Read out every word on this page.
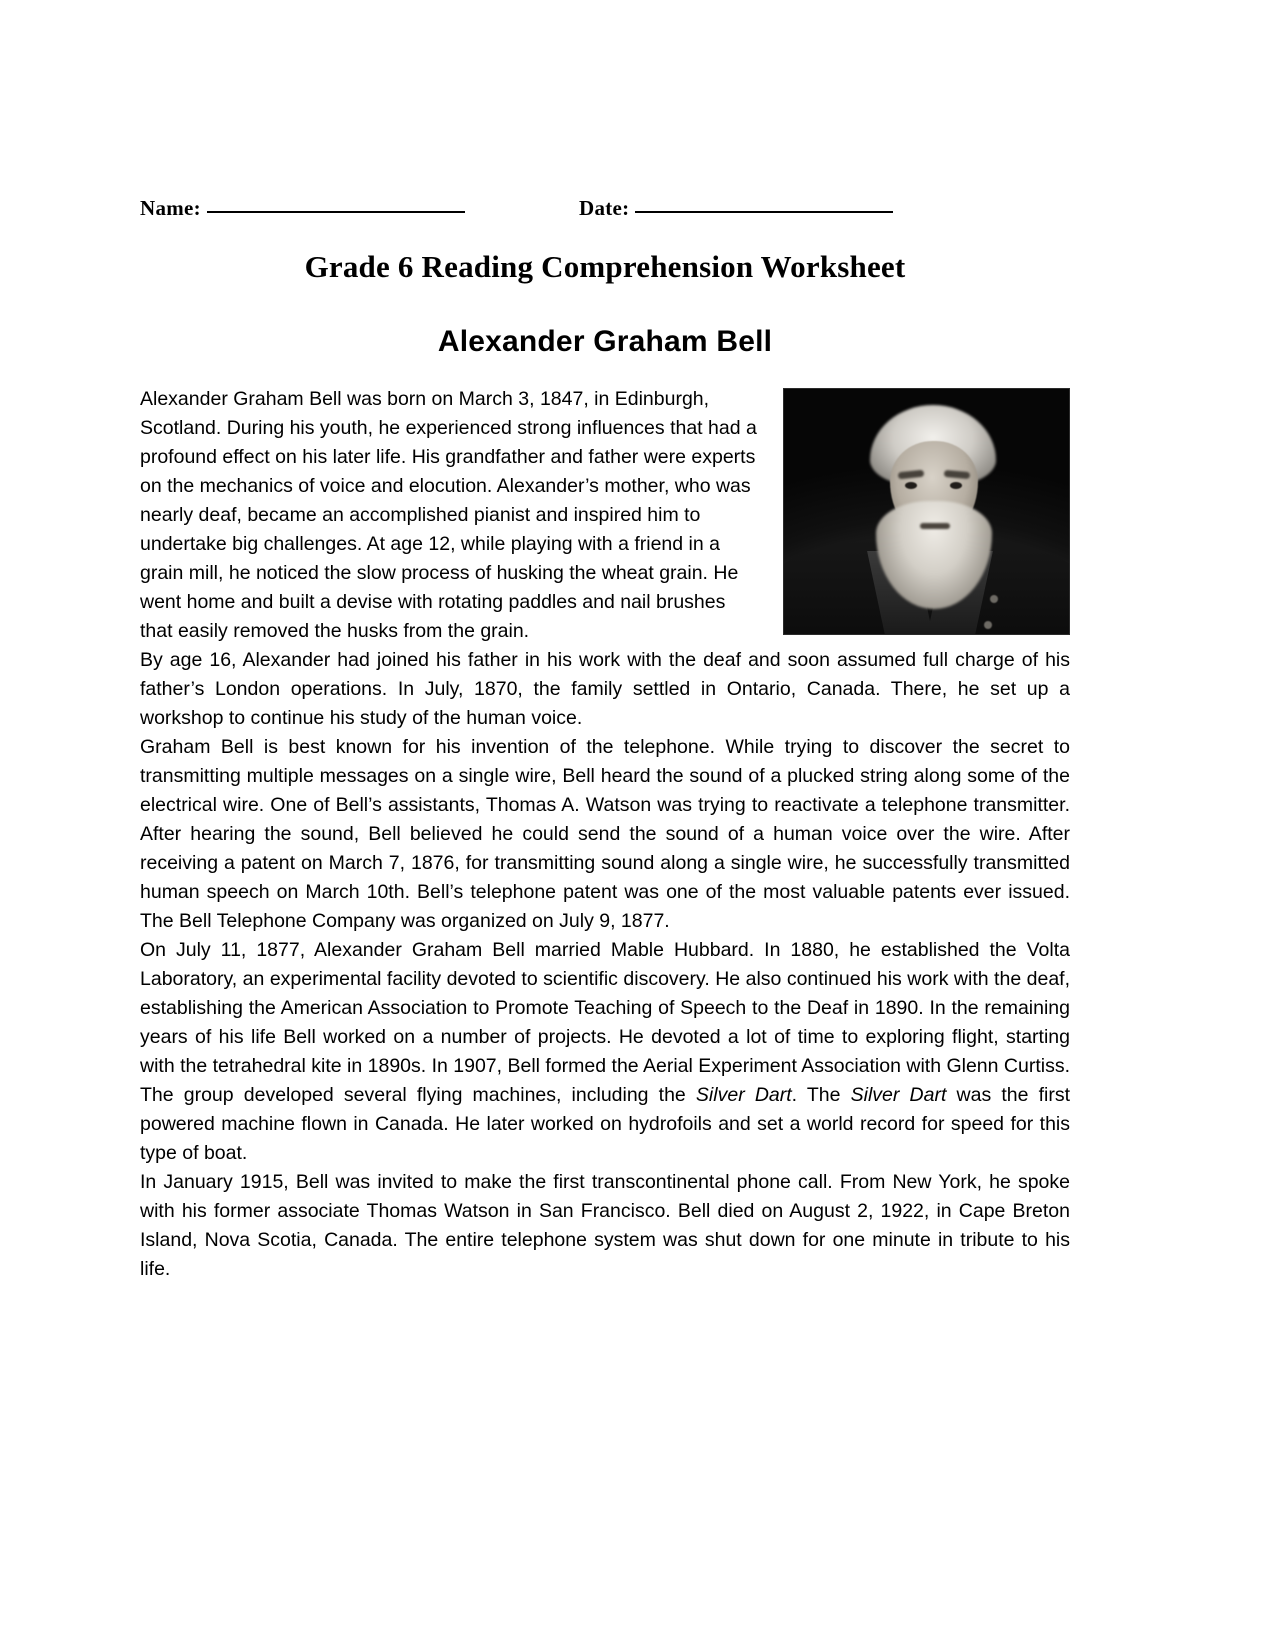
Name:	Date:
Grade 6 Reading Comprehension Worksheet
Alexander Graham Bell

Alexander Graham Bell was born on March 3, 1847, in Edinburgh, Scotland. During his youth, he experienced strong influences that had a profound effect on his later life. His grandfather and father were experts on the mechanics of voice and elocution. Alexander’s mother, who was nearly deaf, became an accomplished pianist and inspired him to undertake big challenges. At age 12, while playing with a friend in a grain mill, he noticed the slow process of husking the wheat grain. He went home and built a devise with rotating paddles and nail brushes that easily removed the husks from the grain.

By age 16, Alexander had joined his father in his work with the deaf and soon assumed full charge of his father’s London operations. In July, 1870, the family settled in Ontario, Canada. There, he set up a workshop to continue his study of the human voice.

Graham Bell is best known for his invention of the telephone. While trying to discover the secret to transmitting multiple messages on a single wire, Bell heard the sound of a plucked string along some of the electrical wire. One of Bell’s assistants, Thomas A. Watson was trying to reactivate a telephone transmitter. After hearing the sound, Bell believed he could send the sound of a human voice over the wire. After receiving a patent on March 7, 1876, for transmitting sound along a single wire, he successfully transmitted human speech on March 10th. Bell’s telephone patent was one of the most valuable patents ever issued. The Bell Telephone Company was organized on July 9, 1877.

On July 11, 1877, Alexander Graham Bell married Mable Hubbard. In 1880, he established the Volta Laboratory, an experimental facility devoted to scientific discovery. He also continued his work with the deaf, establishing the American Association to Promote Teaching of Speech to the Deaf in 1890. In the remaining years of his life Bell worked on a number of projects. He devoted a lot of time to exploring flight, starting with the tetrahedral kite in 1890s. In 1907, Bell formed the Aerial Experiment Association with Glenn Curtiss. The group developed several flying machines, including the Silver Dart. The Silver Dart was the first powered machine flown in Canada. He later worked on hydrofoils and set a world record for speed for this type of boat.

In January 1915, Bell was invited to make the first transcontinental phone call. From New York, he spoke with his former associate Thomas Watson in San Francisco. Bell died on August 2, 1922, in Cape Breton Island, Nova Scotia, Canada. The entire telephone system was shut down for one minute in tribute to his life.
